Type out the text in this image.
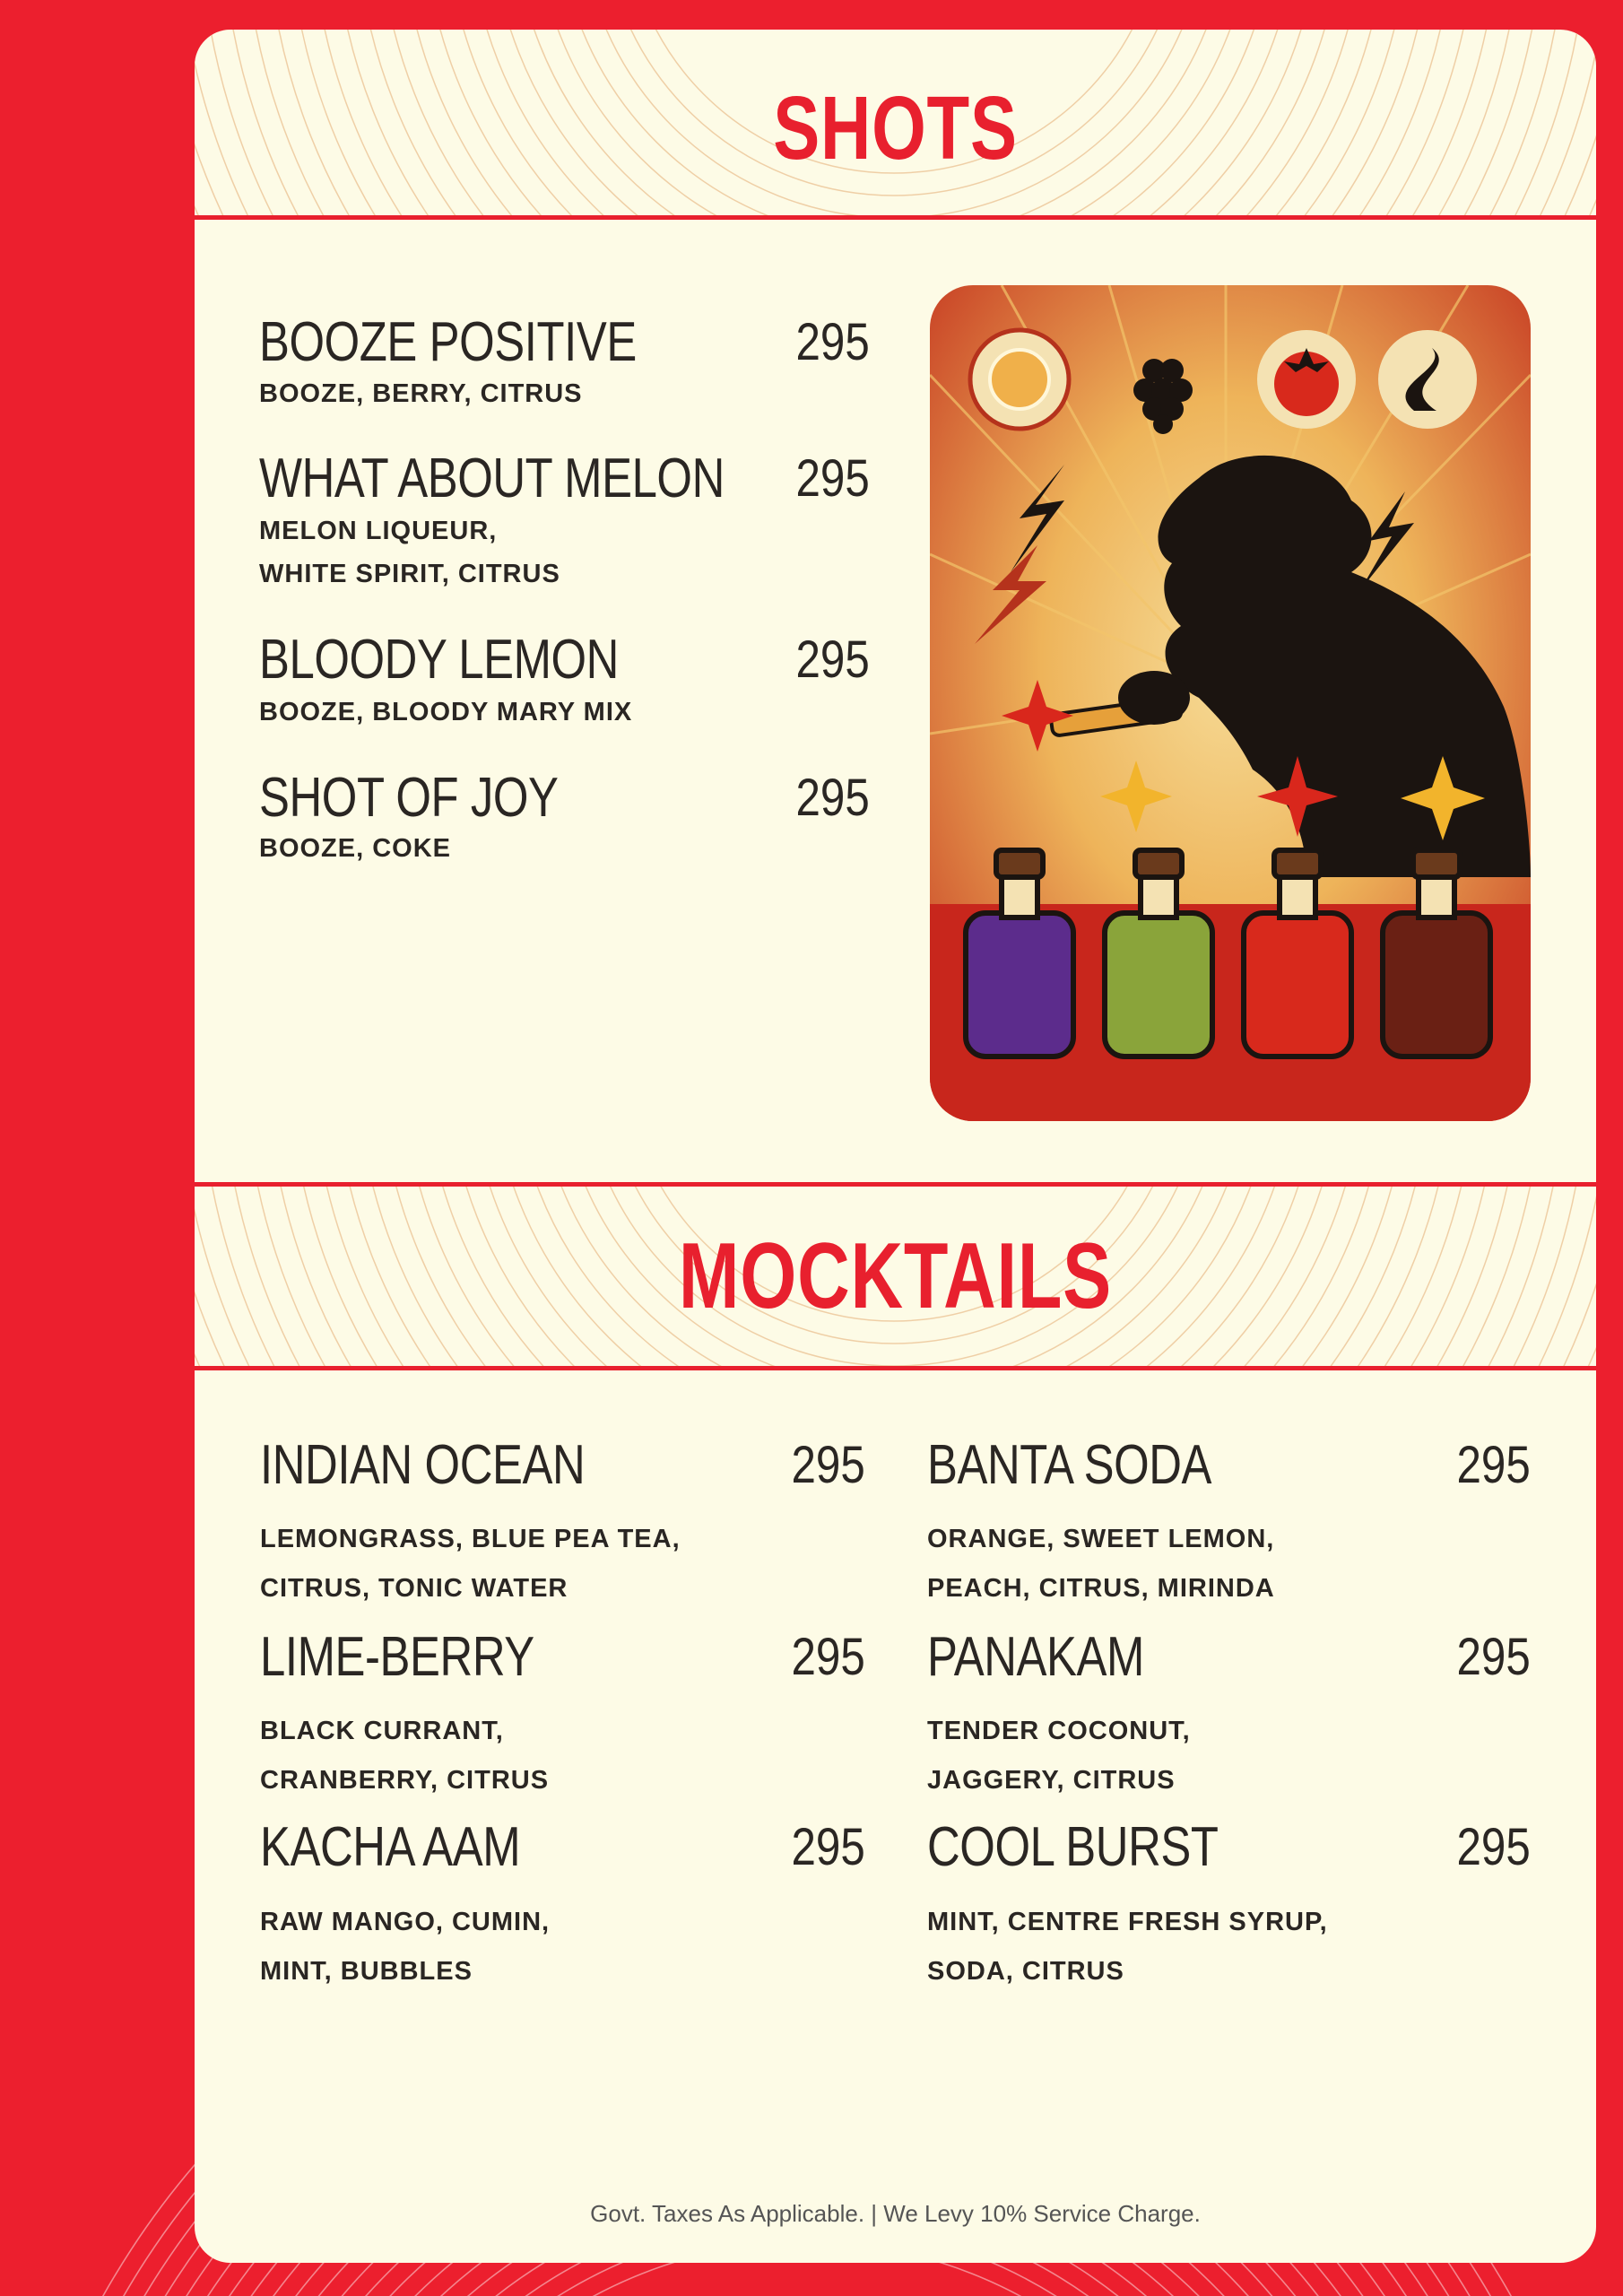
SHOTS
BOOZE POSITIVE	295
BOOZE, BERRY, CITRUS
WHAT ABOUT MELON 295
MELON LIQUEUR,
WHITE SPIRIT, CITRUS
BLOODY LEMON	295
BOOZE, BLOODY MARY MIX
SHOT OF JOY	295
BOOZE, COKE
MOCKTAILS
INDIAN OCEAN	295
LEMONGRASS, BLUE PEA TEA,
CITRUS, TONIC WATER
LIME-BERRY	295
BLACK CURRANT,
CRANBERRY, CITRUS
KACHA AAM	295
RAW MANGO, CUMIN,
MINT, BUBBLES
BANTA SODA	295
ORANGE, SWEET LEMON,
PEACH, CITRUS, MIRINDA
PANAKAM	295
TENDER COCONUT,
JAGGERY, CITRUS
COOL BURST	295
MINT, CENTRE FRESH SYRUP,
SODA, CITRUS
Govt. Taxes As Applicable. | We Levy 10% Service Charge.
